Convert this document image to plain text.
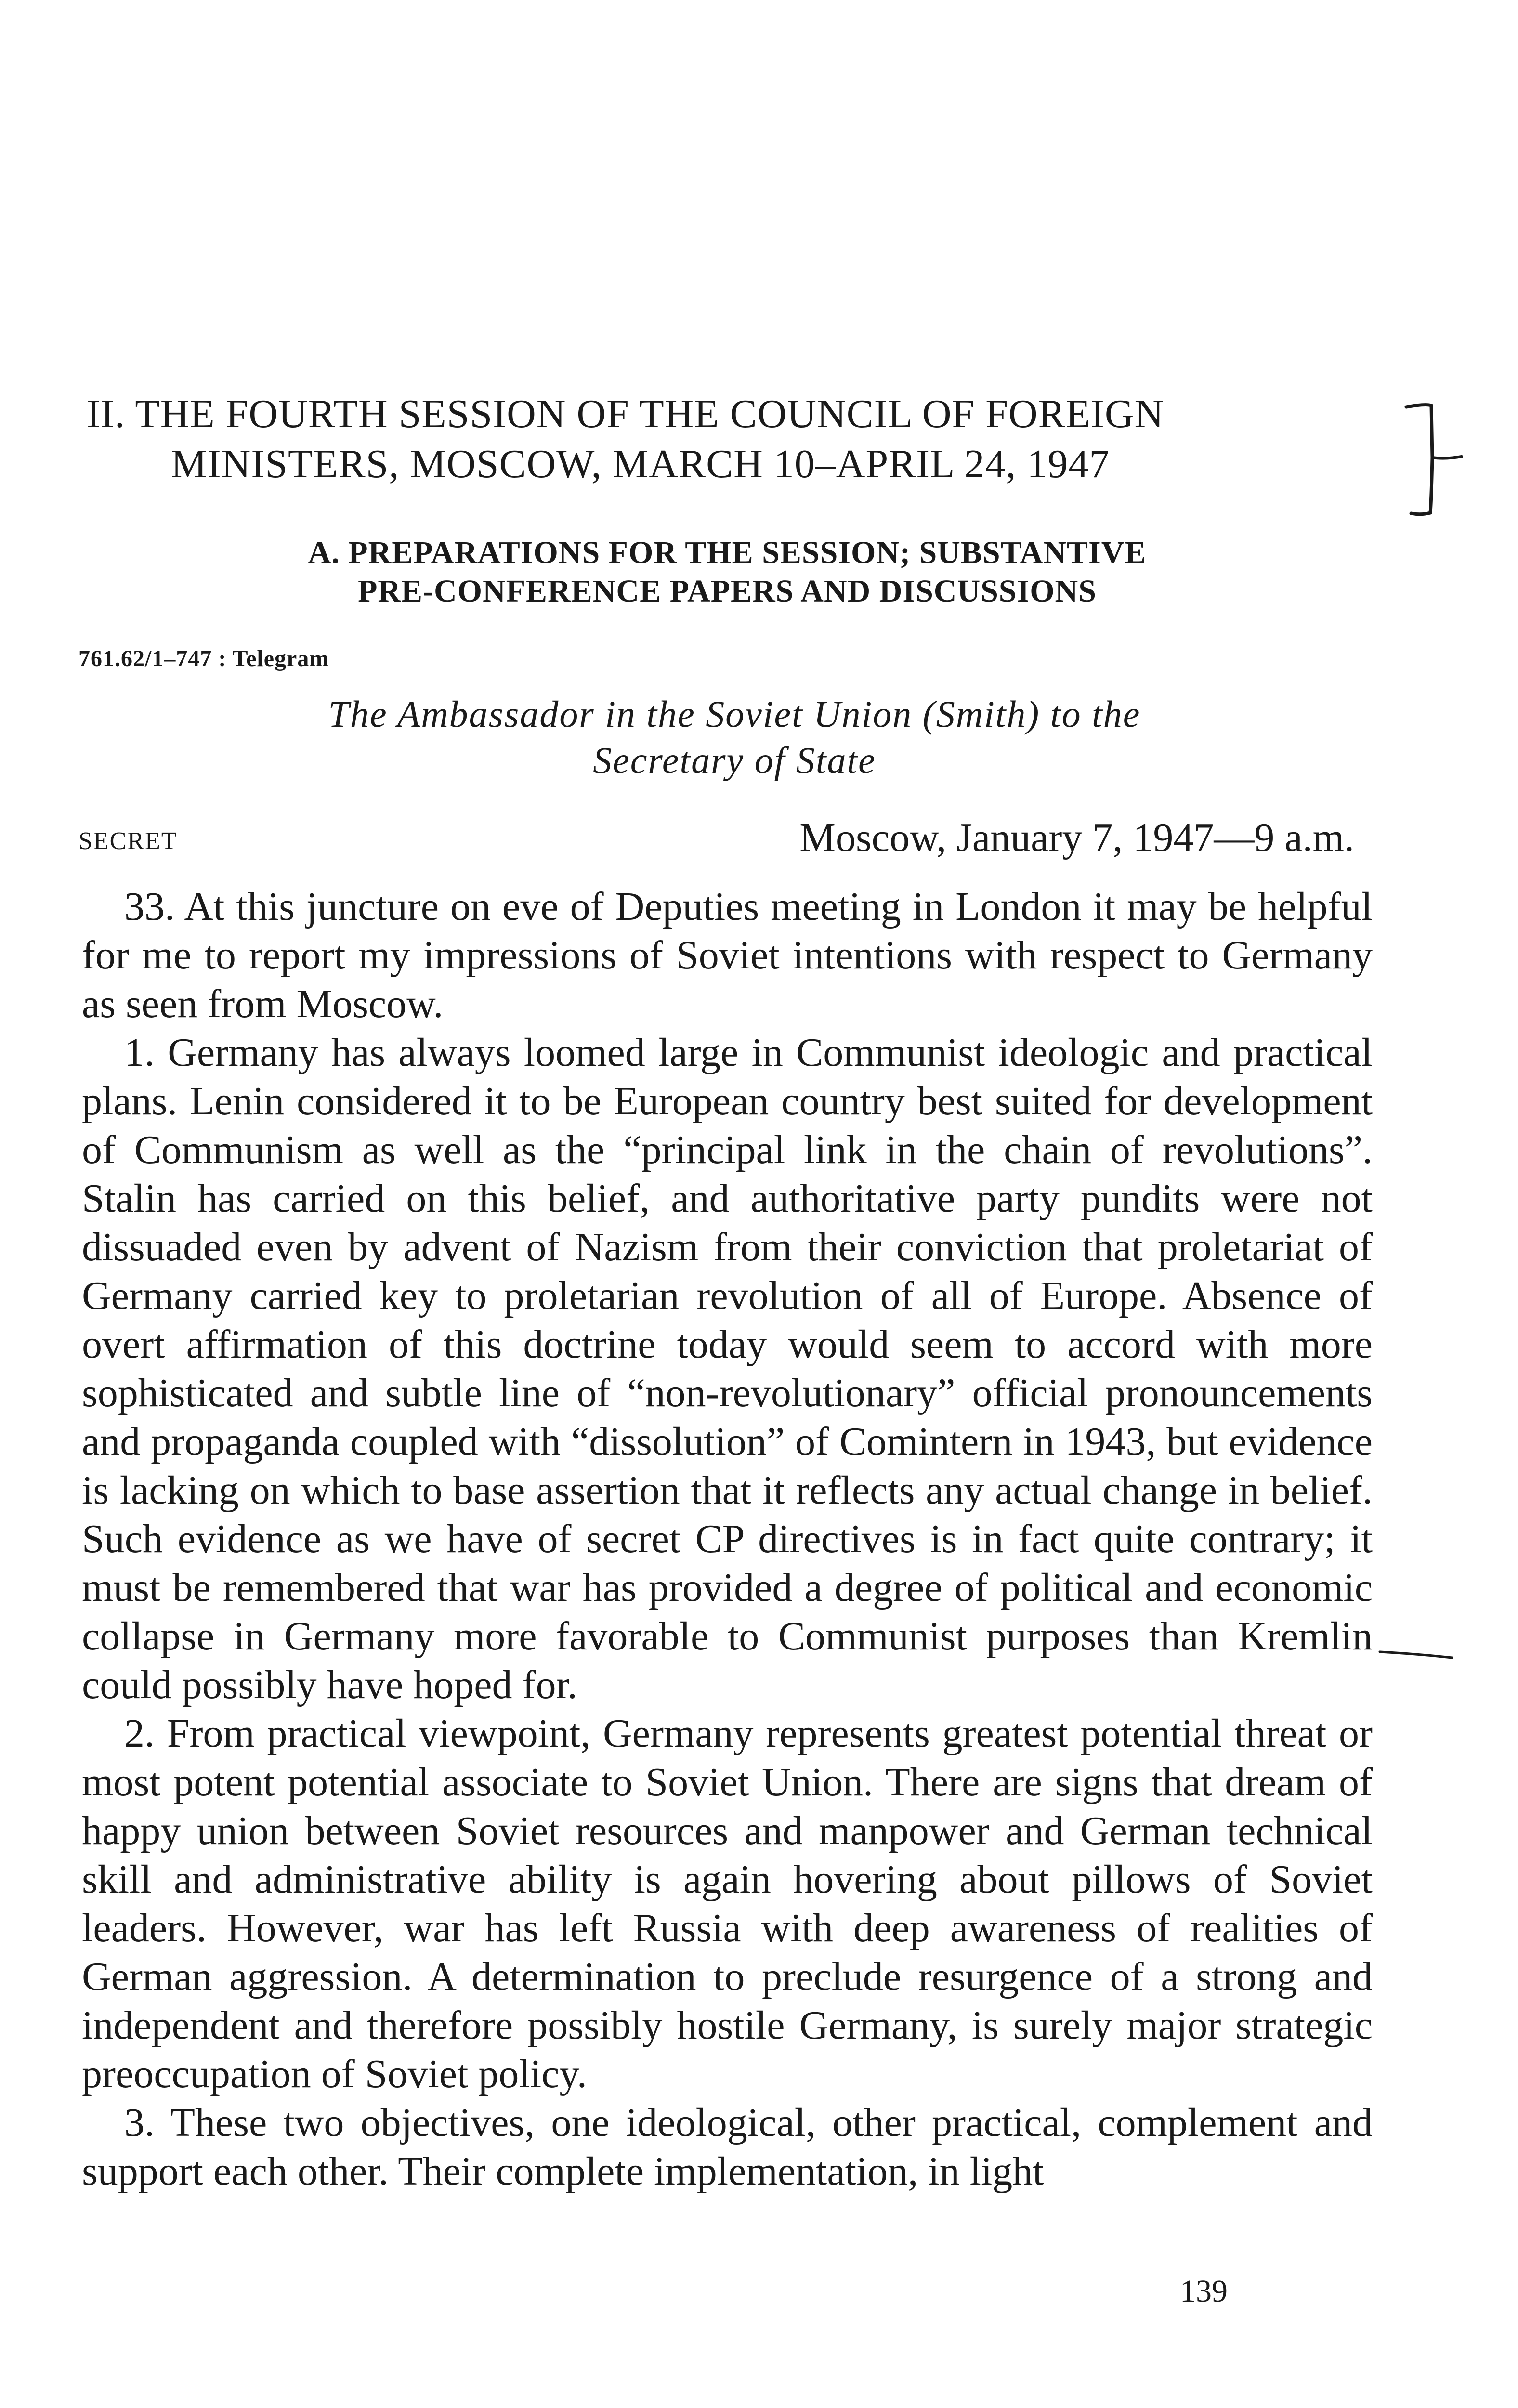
II. THE FOURTH SESSION OF THE COUNCIL OF FOREIGN
MINISTERS, MOSCOW, MARCH 10–APRIL 24, 1947
A. PREPARATIONS FOR THE SESSION; SUBSTANTIVE
PRE-CONFERENCE PAPERS AND DISCUSSIONS
761.62/1–747 : Telegram
The Ambassador in the Soviet Union (Smith) to the
Secretary of State
SECRET	Moscow, January 7, 1947—9 a.m.

33. At this juncture on eve of Deputies meeting in London it may be helpful for me to report my impressions of Soviet intentions with respect to Germany as seen from Moscow.

1. Germany has always loomed large in Communist ideologic and practical plans. Lenin considered it to be European country best suited for development of Communism as well as the “principal link in the chain of revolutions”. Stalin has carried on this belief, and authoritative party pundits were not dissuaded even by advent of Nazism from their conviction that proletariat of Germany carried key to proletarian revolution of all of Europe. Absence of overt affirmation of this doctrine today would seem to accord with more sophisticated and subtle line of “non-revolutionary” official pronouncements and propaganda coupled with “dissolution” of Comintern in 1943, but evidence is lacking on which to base assertion that it reflects any actual change in belief. Such evidence as we have of secret CP directives is in fact quite contrary; it must be remembered that war has provided a degree of political and economic collapse in Germany more favorable to Communist purposes than Kremlin could possibly have hoped for.

2. From practical viewpoint, Germany represents greatest potential threat or most potent potential associate to Soviet Union. There are signs that dream of happy union between Soviet resources and manpower and German technical skill and administrative ability is again hovering about pillows of Soviet leaders. However, war has left Russia with deep awareness of realities of German aggression. A determination to preclude resurgence of a strong and independent and therefore possibly hostile Germany, is surely major strategic preoccupation of Soviet policy.

3. These two objectives, one ideological, other practical, complement and support each other. Their complete implementation, in light

139
